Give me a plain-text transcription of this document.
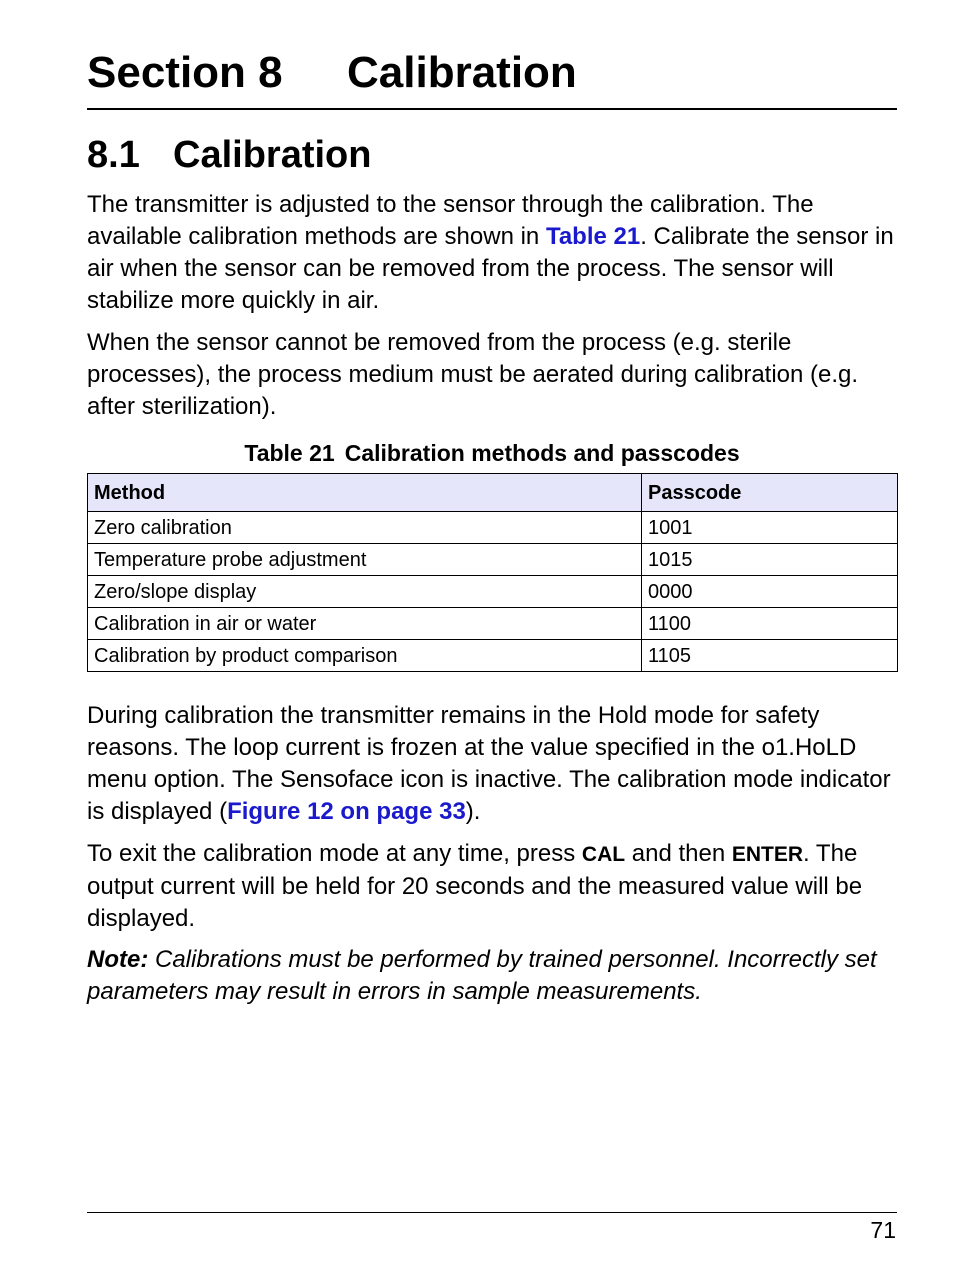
Section 8 Calibration
8.1 Calibration

The transmitter is adjusted to the sensor through the calibration. The available calibration methods are shown in Table 21. Calibrate the sensor in air when the sensor can be removed from the process. The sensor will stabilize more quickly in air.

When the sensor cannot be removed from the process (e.g. sterile processes), the process medium must be aerated during calibration (e.g. after sterilization).

Table 21 Calibration methods and passcodes
Method	Passcode
Zero calibration	1001
Temperature probe adjustment	1015
Zero/slope display	0000
Calibration in air or water	1100
Calibration by product comparison	1105

During calibration the transmitter remains in the Hold mode for safety reasons. The loop current is frozen at the value specified in the o1.HoLD menu option. The Sensoface icon is inactive. The calibration mode indicator is displayed (Figure 12 on page 33).

To exit the calibration mode at any time, press CAL and then ENTER. The output current will be held for 20 seconds and the measured value will be displayed.

Note: Calibrations must be performed by trained personnel. Incorrectly set parameters may result in errors in sample measurements.

71
